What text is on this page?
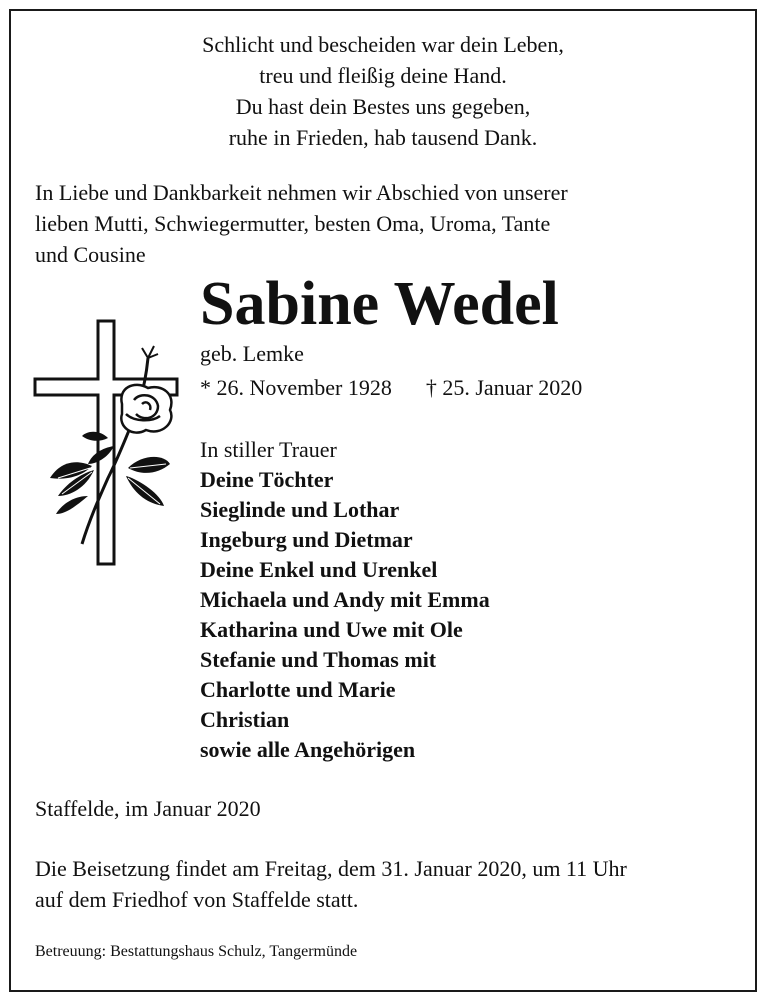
Schlicht und bescheiden war dein Leben,
treu und fleißig deine Hand.
Du hast dein Bestes uns gegeben,
ruhe in Frieden, hab tausend Dank.
In Liebe und Dankbarkeit nehmen wir Abschied von unserer
lieben Mutti, Schwiegermutter, besten Oma, Uroma, Tante
und Cousine
Sabine Wedel
geb. Lemke
* 26. November 1928 † 25. Januar 2020
In stiller Trauer
Deine Töchter
Sieglinde und Lothar
Ingeburg und Dietmar
Deine Enkel und Urenkel
Michaela und Andy mit Emma
Katharina und Uwe mit Ole
Stefanie und Thomas mit
Charlotte und Marie
Christian
sowie alle Angehörigen
Staffelde, im Januar 2020
Die Beisetzung findet am Freitag, dem 31. Januar 2020, um 11 Uhr
auf dem Friedhof von Staffelde statt.
Betreuung: Bestattungshaus Schulz, Tangermünde
